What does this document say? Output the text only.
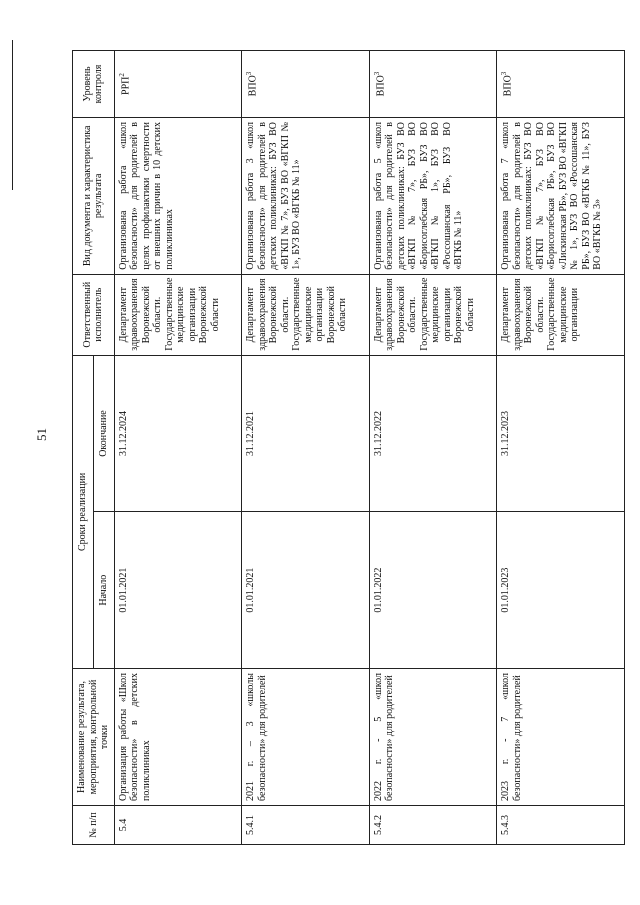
51
№ п/п	Наименование результата, мероприятия, контрольной точки	Сроки реализации		Ответственный исполнитель	Вид документа и характеристика результата	Уровень контроля
		Начало	Окончание			
5.4	Организация работы «Школ безопасности» в детских поликлиниках	01.01.2021	31.12.2024	Департамент здравоохранения Воронежской области. Государственные медицинские организации Воронежской области	Организована работа «школ безопасности» для родителей в целях профилактики смертности от внешних причин в 10 детских поликлиниках	РРП$^2$
5.4.1	2021 г. – 3 «школы безопасности» для родителей	01.01.2021	31.12.2021	Департамент здравоохранения Воронежской области. Государственные медицинские организации Воронежской области	Организована работа 3 «школ безопасности» для родителей в детских поликлиниках: БУЗ ВО «ВГКП № 7», БУЗ ВО «ВГКП № 1», БУЗ ВО «ВГКБ № 11»	ВПО$^3$
5.4.2	2022 г. - 5 «школ безопасности» для родителей	01.01.2022	31.12.2022	Департамент здравоохранения Воронежской области. Государственные медицинские организации Воронежской области	Организована работа 5 «школ безопасности» для родителей в детских поликлиниках: БУЗ ВО «ВГКП № 7», БУЗ ВО «Борисоглебская РБ», БУЗ ВО «ВГКП № 1», БУЗ ВО «Россошанская РБ», БУЗ ВО «ВГКБ № 11»	ВПО$^3$
5.4.3	2023 г. - 7 «школ безопасности» для родителей	01.01.2023	31.12.2023	Департамент здравоохранения Воронежской области. Государственные медицинские организации	Организована работа 7 «школ безопасности» для родителей в детских поликлиниках: БУЗ ВО «ВГКП № 7», БУЗ ВО «Борисоглебская РБ», БУЗ ВО «Лискинская РБ», БУЗ ВО «ВГКП № 1», БУЗ ВО «Россошанская РБ», БУЗ ВО «ВГКБ № 11», БУЗ ВО «ВГКБ № 3»	ВПО$^3$
